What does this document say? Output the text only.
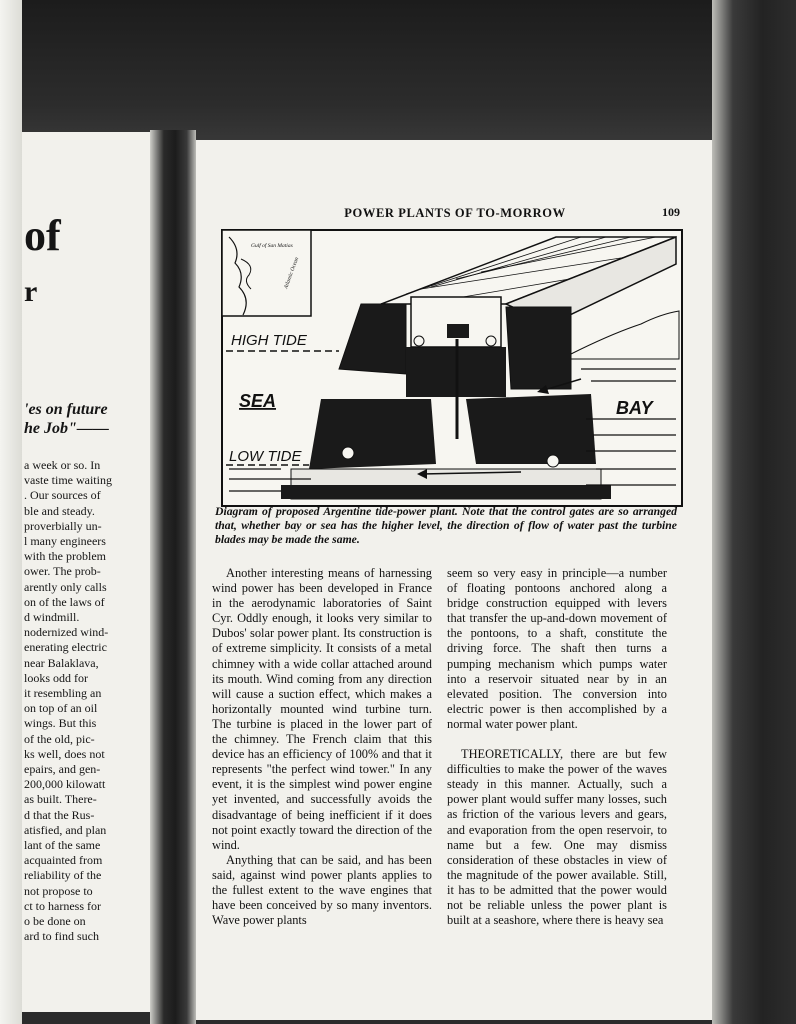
of
r
'es on future
he Job"——
a week or so. In
vaste time waiting
. Our sources of
ble and steady.
proverbially un-
l many engineers
with the problem
ower. The prob-
arently only calls
on of the laws of
d windmill.
nodernized wind-
enerating electric
near Balaklava,
looks odd for
it resembling an
on top of an oil
wings. But this
of the old, pic-
ks well, does not
epairs, and gen-
200,000 kilowatt
as built. There-
d that the Rus-
atisfied, and plan
lant of the same
acquainted from
reliability of the
not propose to
ct to harness for
o be done on
ard to find such
POWER PLANTS OF TO-MORROW	109
Gulf of San Matias
Atlantic Ocean
HIGH TIDE
SEA	BAY
LOW TIDE
Diagram of proposed Argentine tide-power plant. Note that the control gates are so arranged that, whether bay or sea has the higher level, the direction of flow of water past the turbine blades may be made the same.

Another interesting means of harnessing wind power has been developed in France in the aerodynamic laboratories of Saint Cyr. Oddly enough, it looks very similar to Dubos' solar power plant. Its construction is of extreme simplicity. It consists of a metal chimney with a wide collar attached around its mouth. Wind coming from any direction will cause a suction effect, which makes a horizontally mounted wind turbine turn. The turbine is placed in the lower part of the chimney. The French claim that this device has an efficiency of 100% and that it represents "the perfect wind tower." In any event, it is the simplest wind power engine yet invented, and successfully avoids the disadvantage of being inefficient if it does not point exactly toward the direction of the wind.

Anything that can be said, and has been said, against wind power plants applies to the fullest extent to the wave engines that have been conceived by so many inventors. Wave power plants

seem so very easy in principle—a number of floating pontoons anchored along a bridge construction equipped with levers that transfer the up-and-down movement of the pontoons, to a shaft, constitute the driving force. The shaft then turns a pumping mechanism which pumps water into a reservoir situated near by in an elevated position. The conversion into electric power is then accomplished by a normal water power plant.

THEORETICALLY, there are but few difficulties to make the power of the waves steady in this manner. Actually, such a power plant would suffer many losses, such as friction of the various levers and gears, and evaporation from the open reservoir, to name but a few. One may dismiss consideration of these obstacles in view of the magnitude of the power available. Still, it has to be admitted that the power would not be reliable unless the power plant is built at a seashore, where there is heavy sea
